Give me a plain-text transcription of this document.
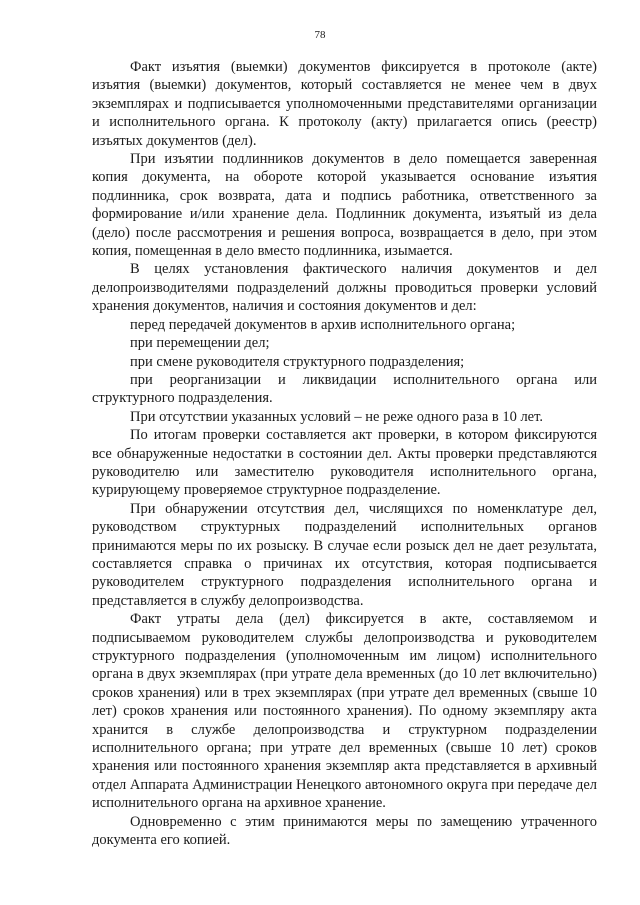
78

Факт изъятия (выемки) документов фиксируется в протоколе (акте) изъятия (выемки) документов, который составляется не менее чем в двух экземплярах и подписывается уполномоченными представителями организации и исполнительного органа. К протоколу (акту) прилагается опись (реестр) изъятых документов (дел).

При изъятии подлинников документов в дело помещается заверенная копия документа, на обороте которой указывается основание изъятия подлинника, срок возврата, дата и подпись работника, ответственного за формирование и/или хранение дела. Подлинник документа, изъятый из дела (дело) после рассмотрения и решения вопроса, возвращается в дело, при этом копия, помещенная в дело вместо подлинника, изымается.

В целях установления фактического наличия документов и дел делопроизводителями подразделений должны проводиться проверки условий хранения документов, наличия и состояния документов и дел:

перед передачей документов в архив исполнительного органа;

при перемещении дел;

при смене руководителя структурного подразделения;

при реорганизации и ликвидации исполнительного органа или структурного подразделения.

При отсутствии указанных условий – не реже одного раза в 10 лет.

По итогам проверки составляется акт проверки, в котором фиксируются все обнаруженные недостатки в состоянии дел. Акты проверки представляются руководителю или заместителю руководителя исполнительного органа, курирующему проверяемое структурное подразделение.

При обнаружении отсутствия дел, числящихся по номенклатуре дел, руководством структурных подразделений исполнительных органов принимаются меры по их розыску. В случае если розыск дел не дает результата, составляется справка о причинах их отсутствия, которая подписывается руководителем структурного подразделения исполнительного органа и представляется в службу делопроизводства.

Факт утраты дела (дел) фиксируется в акте, составляемом и подписываемом руководителем службы делопроизводства и руководителем структурного подразделения (уполномоченным им лицом) исполнительного органа в двух экземплярах (при утрате дела временных (до 10 лет включительно) сроков хранения) или в трех экземплярах (при утрате дел временных (свыше 10 лет) сроков хранения или постоянного хранения). По одному экземпляру акта хранится в службе делопроизводства и структурном подразделении исполнительного органа; при утрате дел временных (свыше 10 лет) сроков хранения или постоянного хранения экземпляр акта представляется в архивный отдел Аппарата Администрации Ненецкого автономного округа при передаче дел исполнительного органа на архивное хранение.

Одновременно с этим принимаются меры по замещению утраченного документа его копией.
